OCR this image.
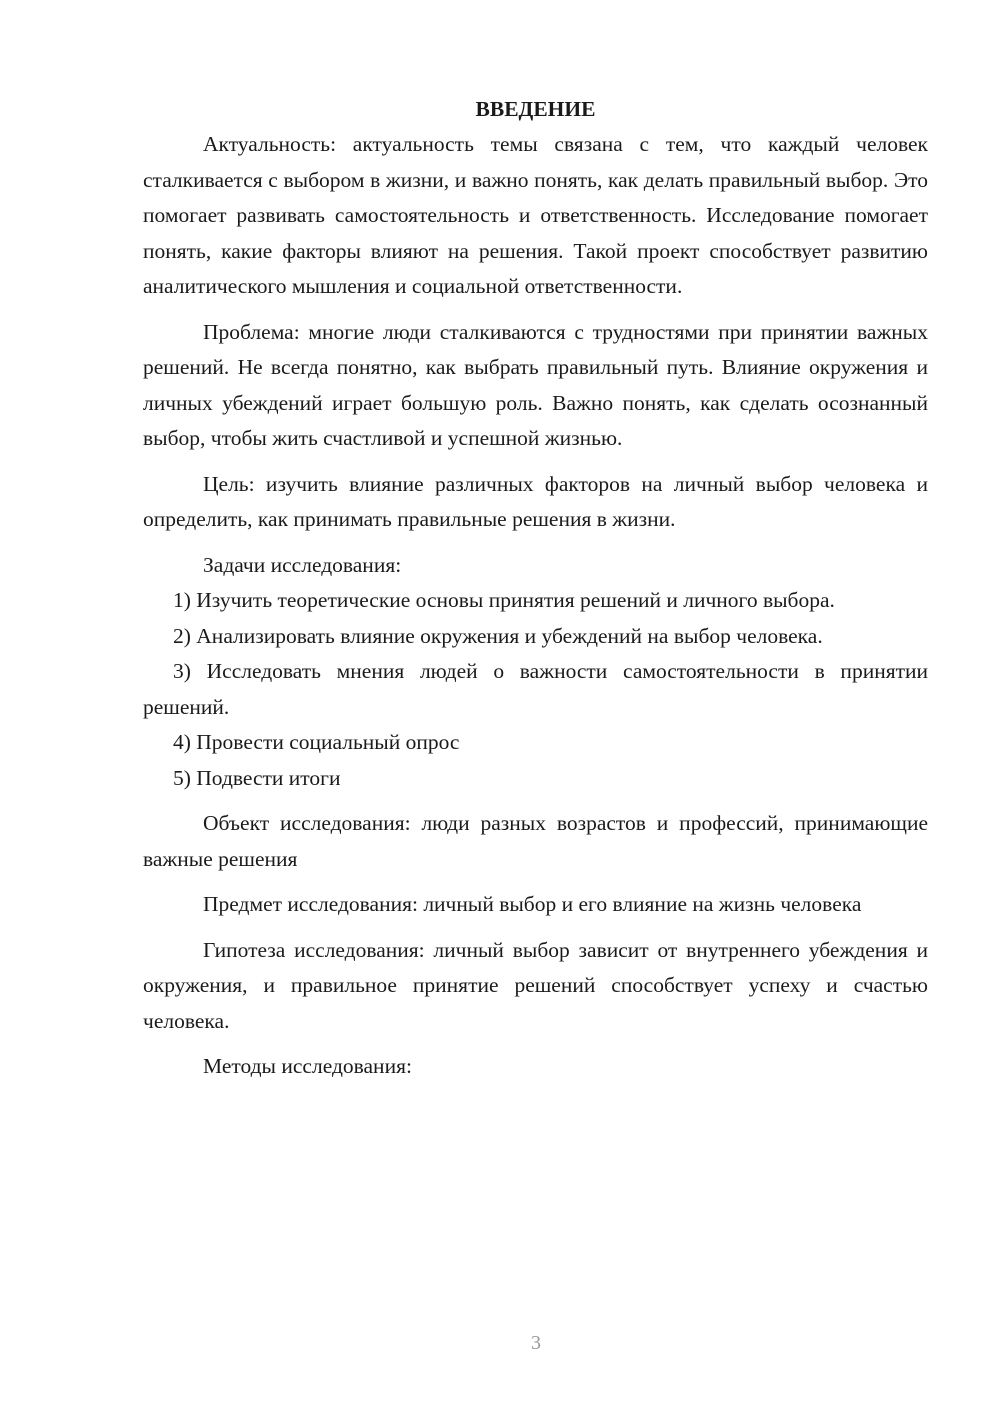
ВВЕДЕНИЕ

Актуальность: актуальность темы связана с тем, что каждый человек сталкивается с выбором в жизни, и важно понять, как делать правильный выбор. Это помогает развивать самостоятельность и ответственность. Исследование помогает понять, какие факторы влияют на решения. Такой проект способствует развитию аналитического мышления и социальной ответственности.

Проблема: многие люди сталкиваются с трудностями при принятии важных решений. Не всегда понятно, как выбрать правильный путь. Влияние окружения и личных убеждений играет большую роль. Важно понять, как сделать осознанный выбор, чтобы жить счастливой и успешной жизнью.

Цель: изучить влияние различных факторов на личный выбор человека и определить, как принимать правильные решения в жизни.

Задачи исследования:

1) Изучить теоретические основы принятия решений и личного выбора.

2) Анализировать влияние окружения и убеждений на выбор человека.

3) Исследовать мнения людей о важности самостоятельности в принятии решений.

4) Провести социальный опрос

5) Подвести итоги

Объект исследования: люди разных возрастов и профессий, принимающие важные решения

Предмет исследования: личный выбор и его влияние на жизнь человека

Гипотеза исследования: личный выбор зависит от внутреннего убеждения и окружения, и правильное принятие решений способствует успеху и счастью человека.

Методы исследования:

3
